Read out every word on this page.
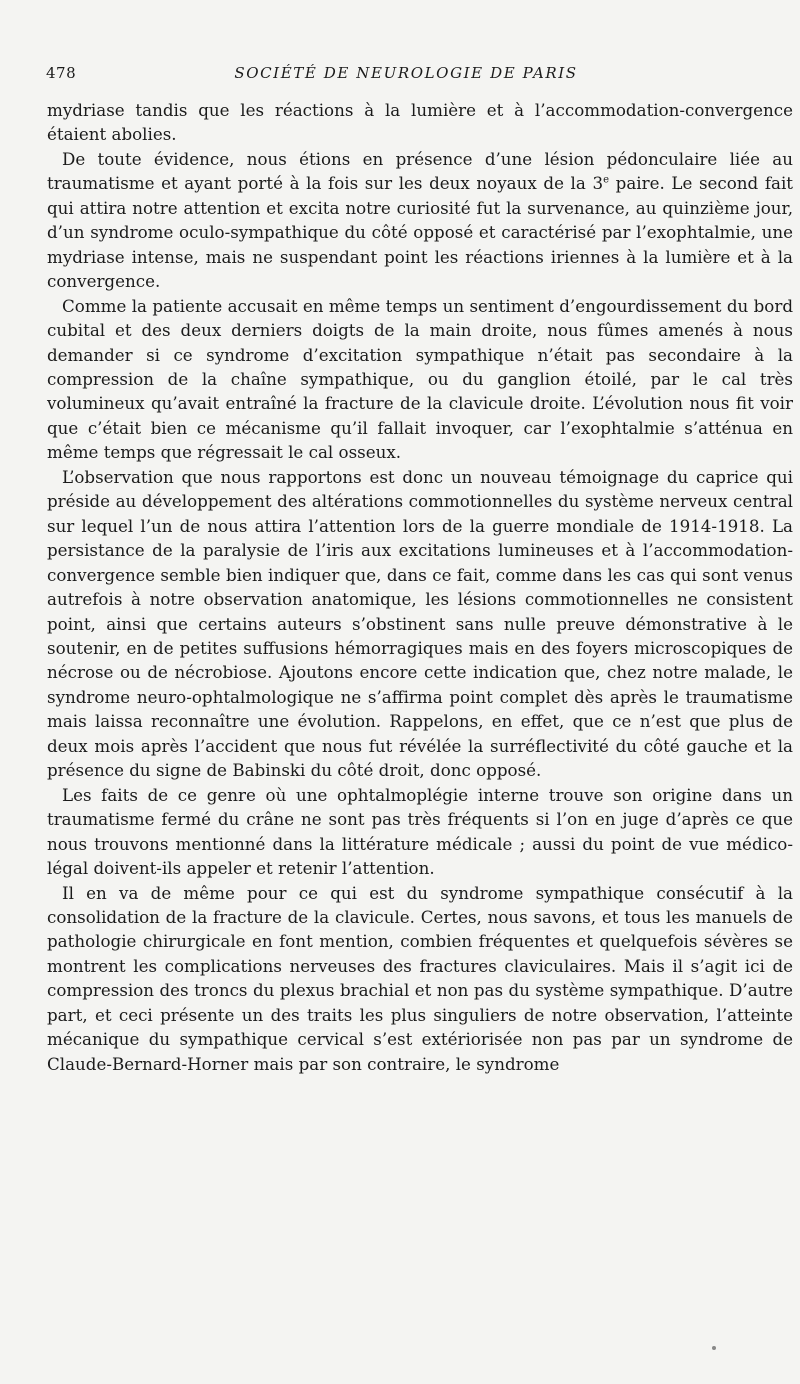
478	SOCIÉTÉ DE NEUROLOGIE DE PARIS

mydriase tandis que les réactions à la lumière et à l’accommodation-convergence étaient abolies.

De toute évidence, nous étions en présence d’une lésion pédonculaire liée au traumatisme et ayant porté à la fois sur les deux noyaux de la 3e paire. Le second fait qui attira notre attention et excita notre curiosité fut la survenance, au quinzième jour, d’un syndrome oculo-sympathique du côté opposé et caractérisé par l’exophtalmie, une mydriase intense, mais ne suspendant point les réactions iriennes à la lumière et à la convergence.

Comme la patiente accusait en même temps un sentiment d’engourdissement du bord cubital et des deux derniers doigts de la main droite, nous fûmes amenés à nous demander si ce syndrome d’excitation sympathique n’était pas secondaire à la compression de la chaîne sympathique, ou du ganglion étoilé, par le cal très volumineux qu’avait entraîné la fracture de la clavicule droite. L’évolution nous fit voir que c’était bien ce mécanisme qu’il fallait invoquer, car l’exophtalmie s’atténua en même temps que régressait le cal osseux.

L’observation que nous rapportons est donc un nouveau témoignage du caprice qui préside au développement des altérations commotionnelles du système nerveux central sur lequel l’un de nous attira l’attention lors de la guerre mondiale de 1914-1918. La persistance de la paralysie de l’iris aux excitations lumineuses et à l’accommodation-convergence semble bien indiquer que, dans ce fait, comme dans les cas qui sont venus autrefois à notre observation anatomique, les lésions commotionnelles ne consistent point, ainsi que certains auteurs s’obstinent sans nulle preuve démonstrative à le soutenir, en de petites suffusions hémorragiques mais en des foyers microscopiques de nécrose ou de nécrobiose. Ajoutons encore cette indication que, chez notre malade, le syndrome neuro-ophtalmologique ne s’affirma point complet dès après le traumatisme mais laissa reconnaître une évolution. Rappelons, en effet, que ce n’est que plus de deux mois après l’accident que nous fut révélée la surréflectivité du côté gauche et la présence du signe de Babinski du côté droit, donc opposé.

Les faits de ce genre où une ophtalmoplégie interne trouve son origine dans un traumatisme fermé du crâne ne sont pas très fréquents si l’on en juge d’après ce que nous trouvons mentionné dans la littérature médicale ; aussi du point de vue médico-légal doivent-ils appeler et retenir l’attention.

Il en va de même pour ce qui est du syndrome sympathique consécutif à la consolidation de la fracture de la clavicule. Certes, nous savons, et tous les manuels de pathologie chirurgicale en font mention, combien fréquentes et quelquefois sévères se montrent les complications nerveuses des fractures claviculaires. Mais il s’agit ici de compression des troncs du plexus brachial et non pas du système sympathique. D’autre part, et ceci présente un des traits les plus singuliers de notre observation, l’atteinte mécanique du sympathique cervical s’est extériorisée non pas par un syndrome de Claude-Bernard-Horner mais par son contraire, le syndrome
